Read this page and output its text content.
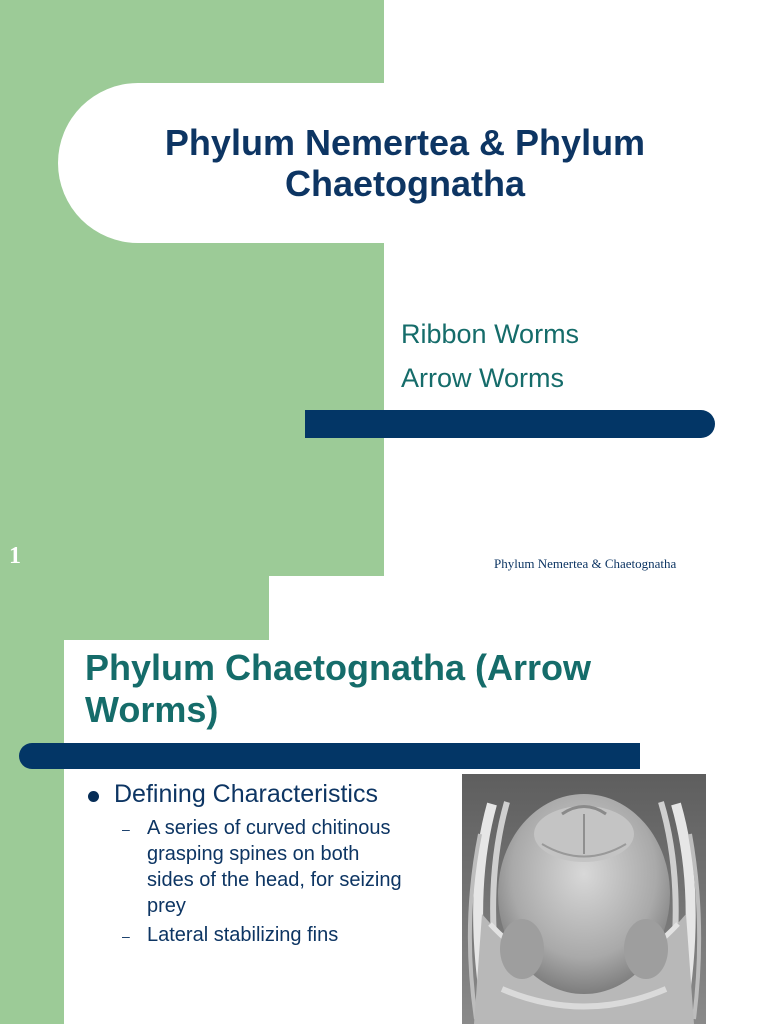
Phylum Nemertea & Phylum Chaetognatha
Ribbon Worms
Arrow Worms
1	Phylum Nemertea & Chaetognatha
Phylum Chaetognatha (Arrow Worms)
Defining Characteristics
– A series of curved chitinous grasping spines on both sides of the head, for seizing prey
– Lateral stabilizing fins
